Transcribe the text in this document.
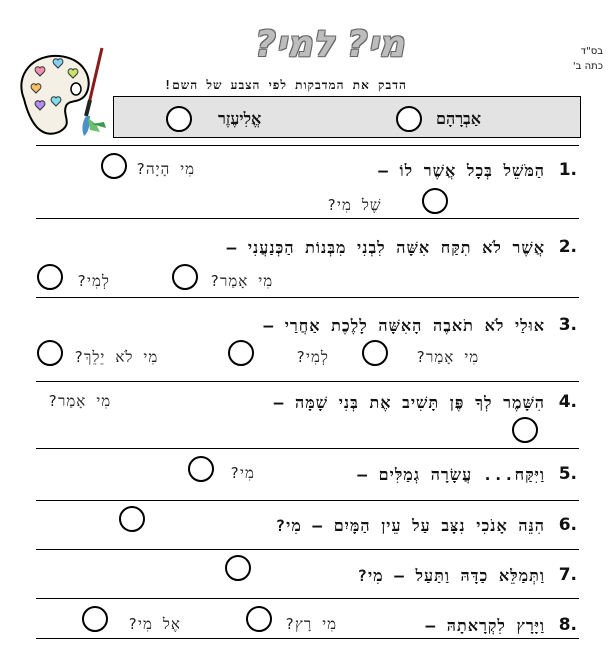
בס"ד
כתה ב'
מי? למי?
הדבק את המדבקות לפי הצבע של השם!
אֱלִיעֶזֶר	אַבְרָהָם
1.
הַמֹּשֵׁל בְּכָל אֲשֶׁר לוֹ –
מִי הָיָה?
שֶׁל מִי?
2.
אֲשֶׁר לֹא תִקַּח אִשָּׁה לִבְנִי מִבְּנוֹת הַכְּנַעֲנִי –
לְמִי?	מִי אָמַר?
3.
אוּלַי לֹא תֹאבֶה הָאִשָּׁה לָלֶכֶת אַחֲרַי –
מִי לֹא יֵלֵךְ?	לְמִי?	מִי אָמַר?
4.
הִשָּׁמֶר לְךָ פֶּן תָּשִׁיב אֶת בְּנִי שָׁמָּה –
מִי אָמַר?
5.
וַיִּקַּח... עֲשָׂרָה גְמַלִּים –
מִי?
6.
הִנֵּה אָנֹכִי נִצָּב עַל עֵין הַמָּיִם – מִי?
7.
וַתְּמַלֵּא כַדָּהּ וַתַּעַל – מִי?
8.
וַיָּרָץ לִקְרָאתָהּ –
מִי רָץ?
אֶל מִי?
